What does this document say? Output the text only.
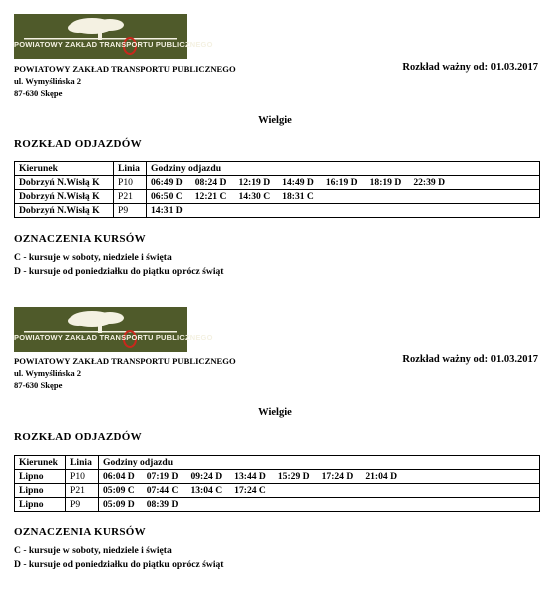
POWIATOWY ZAKŁAD TRANSPORTU PUBLICZNEGO
POWIATOWY ZAKŁAD TRANSPORTU PUBLICZNEGO
ul. Wymyślińska 2
87-630 Skępe
Rozkład ważny od: 01.03.2017
Wielgie
ROZKŁAD ODJAZDÓW
Kierunek	Linia	Godziny odjazdu
Dobrzyń N.Wisłą K	P10	06:49 D 08:24 D 12:19 D 14:49 D 16:19 D 18:19 D 22:39 D
Dobrzyń N.Wisłą K	P21	06:50 C 12:21 C 14:30 C 18:31 C
Dobrzyń N.Wisłą K	P9	14:31 D
OZNACZENIA KURSÓW
C - kursuje w soboty, niedziele i święta
D - kursuje od poniedziałku do piątku oprócz świąt
POWIATOWY ZAKŁAD TRANSPORTU PUBLICZNEGO
POWIATOWY ZAKŁAD TRANSPORTU PUBLICZNEGO
ul. Wymyślińska 2
87-630 Skępe
Rozkład ważny od: 01.03.2017
Wielgie
ROZKŁAD ODJAZDÓW
Kierunek	Linia	Godziny odjazdu
Lipno	P10	06:04 D 07:19 D 09:24 D 13:44 D 15:29 D 17:24 D 21:04 D
Lipno	P21	05:09 C 07:44 C 13:04 C 17:24 C
Lipno	P9	05:09 D 08:39 D
OZNACZENIA KURSÓW
C - kursuje w soboty, niedziele i święta
D - kursuje od poniedziałku do piątku oprócz świąt
